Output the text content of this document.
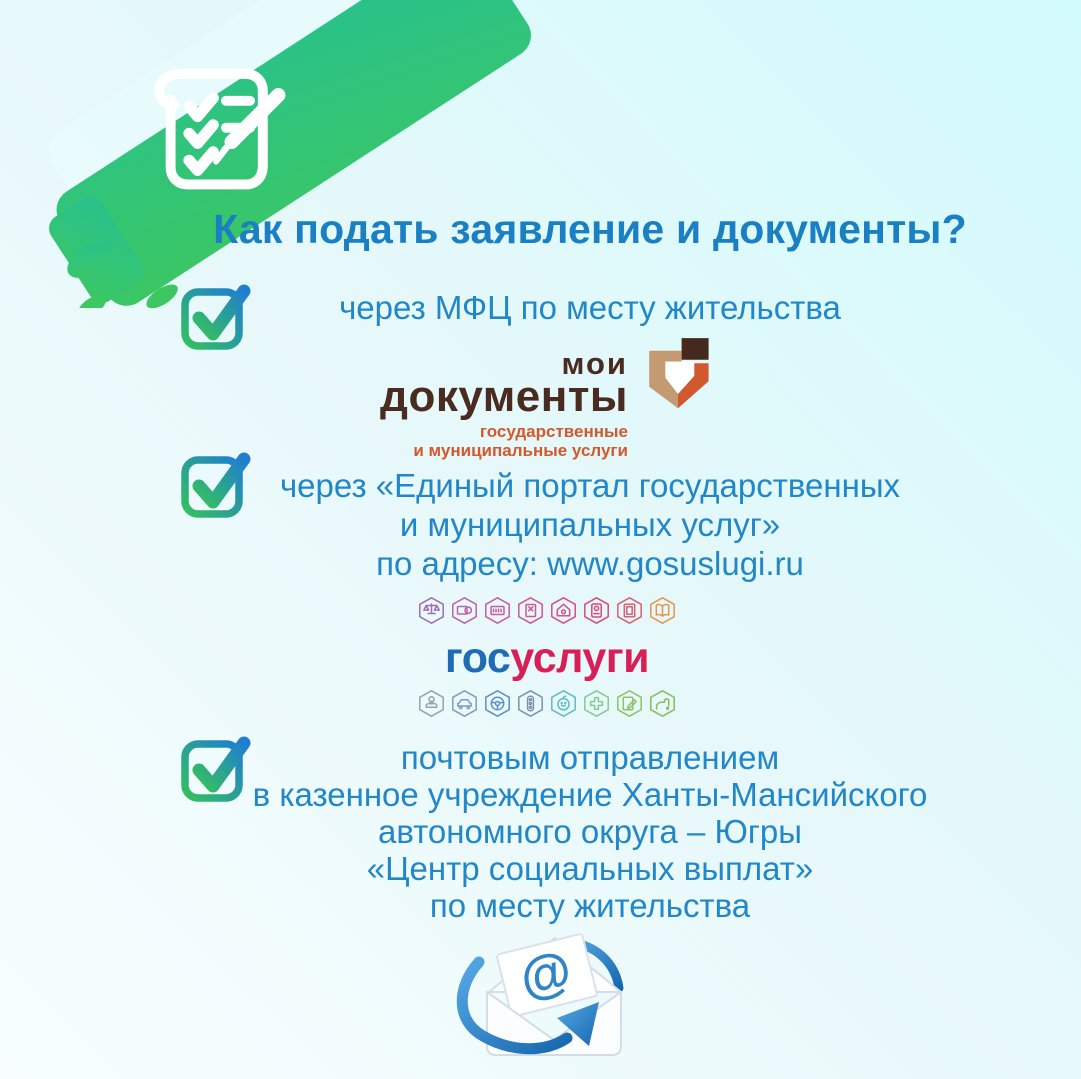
Как подать заявление и документы?
через МФЦ по месту жительства
мои
документы
государственные
и муниципальные услуги
через «Единый портал государственных
и муниципальных услуг»
по адресу: www.gosuslugi.ru
госуслуги
почтовым отправлением
в казенное учреждение Ханты-Мансийского
автономного округа – Югры
«Центр социальных выплат»
по месту жительства
@
